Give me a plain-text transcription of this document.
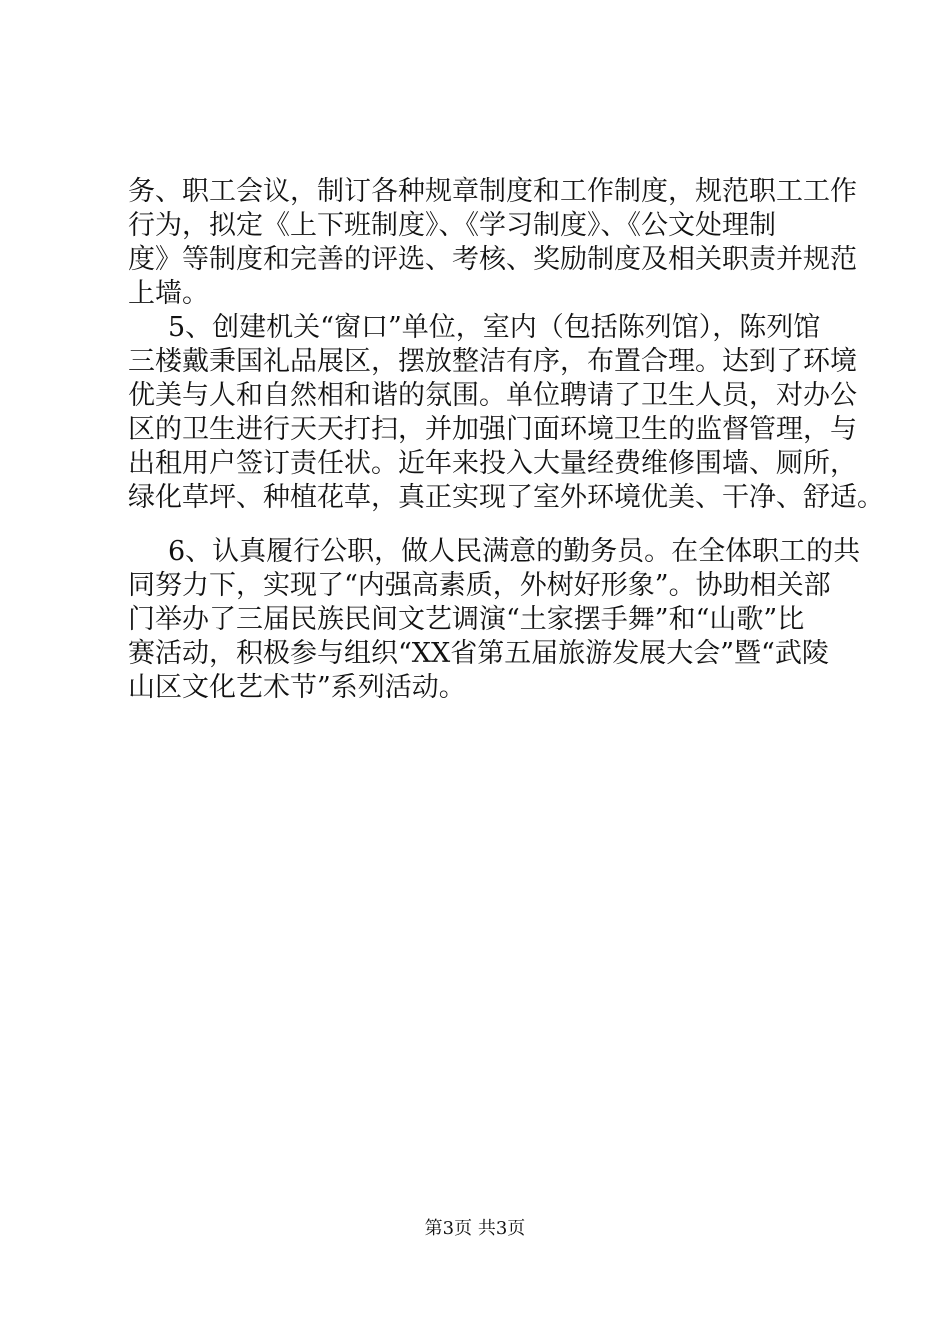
务、职工会议，制订各种规章制度和工作制度，规范职工工作
行为，拟定《上下班制度》、《学习制度》、《公文处理制
度》等制度和完善的评选、考核、奖励制度及相关职责并规范
上墙。
5、创建机关“窗口”单位，室内（包括陈列馆），陈列馆
三楼戴秉国礼品展区，摆放整洁有序，布置合理。达到了环境
优美与人和自然相和谐的氛围。单位聘请了卫生人员，对办公
区的卫生进行天天打扫，并加强门面环境卫生的监督管理，与
出租用户签订责任状。近年来投入大量经费维修围墙、厕所，
绿化草坪、种植花草，真正实现了室外环境优美、干净、舒适。
6、认真履行公职，做人民满意的勤务员。在全体职工的共
同努力下，实现了“内强高素质，外树好形象”。协助相关部
门举办了三届民族民间文艺调演“土家摆手舞”和“山歌”比
赛活动，积极参与组织“XX省第五届旅游发展大会”暨“武陵
山区文化艺术节”系列活动。
第3页 共3页
